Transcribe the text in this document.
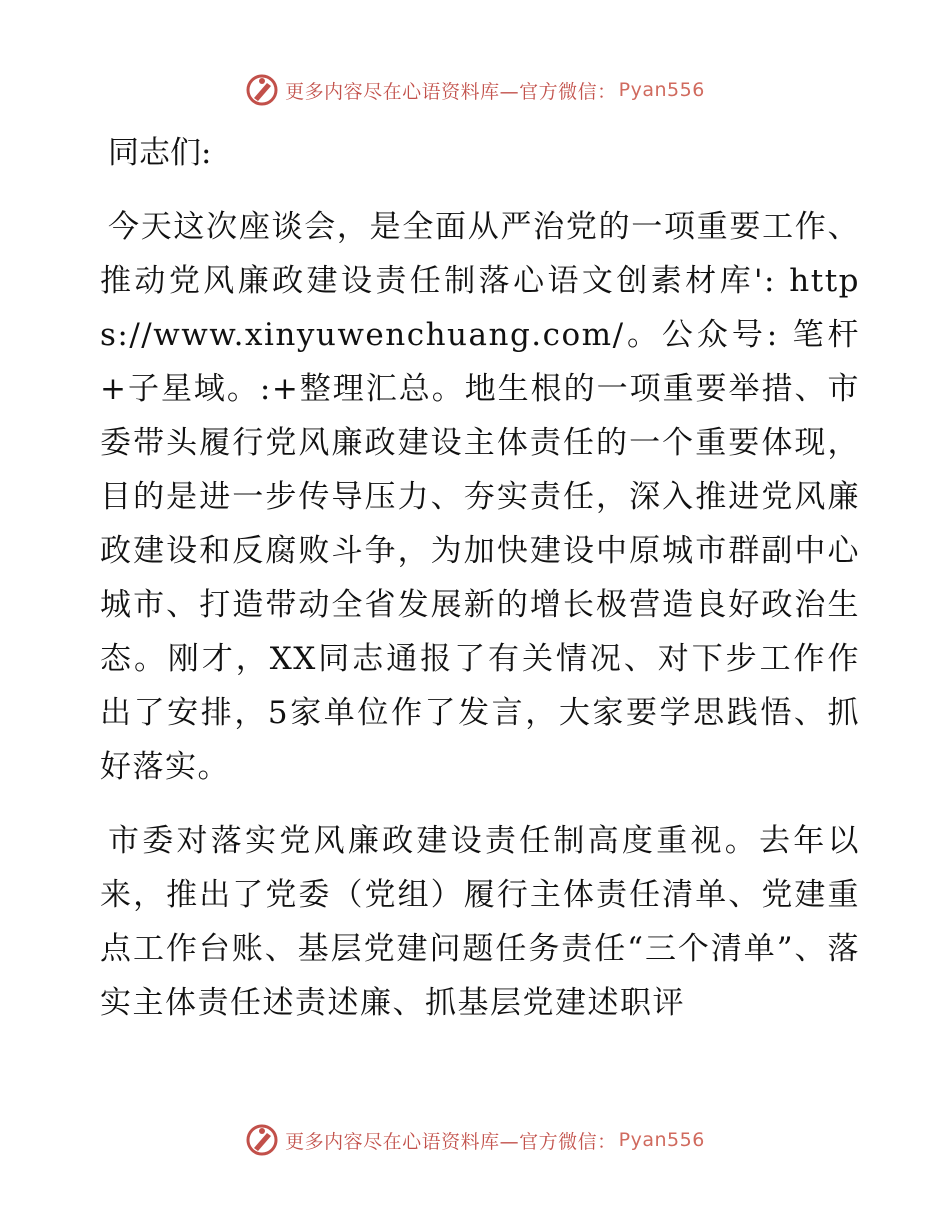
更多内容尽在心语资料库—官方微信： Pyan556
同志们:

今天这次座谈会，是全面从严治党的一项重要工作、推动党风廉政建设责任制落心语文创素材库': https://www.xinyuwenchuang.com/。公众号: 笔杆+子星域。:+整理汇总。地生根的一项重要举措、市委带头履行党风廉政建设主体责任的一个重要体现，目的是进一步传导压力、夯实责任，深入推进党风廉政建设和反腐败斗争，为加快建设中原城市群副中心城市、打造带动全省发展新的增长极营造良好政治生态。刚才，XX同志通报了有关情况、对下步工作作出了安排，5家单位作了发言，大家要学思践悟、抓好落实。

市委对落实党风廉政建设责任制高度重视。去年以来，推出了党委（党组）履行主体责任清单、党建重点工作台账、基层党建问题任务责任“三个清单”、落实主体责任述责述廉、抓基层党建述职评

更多内容尽在心语资料库—官方微信： Pyan556
